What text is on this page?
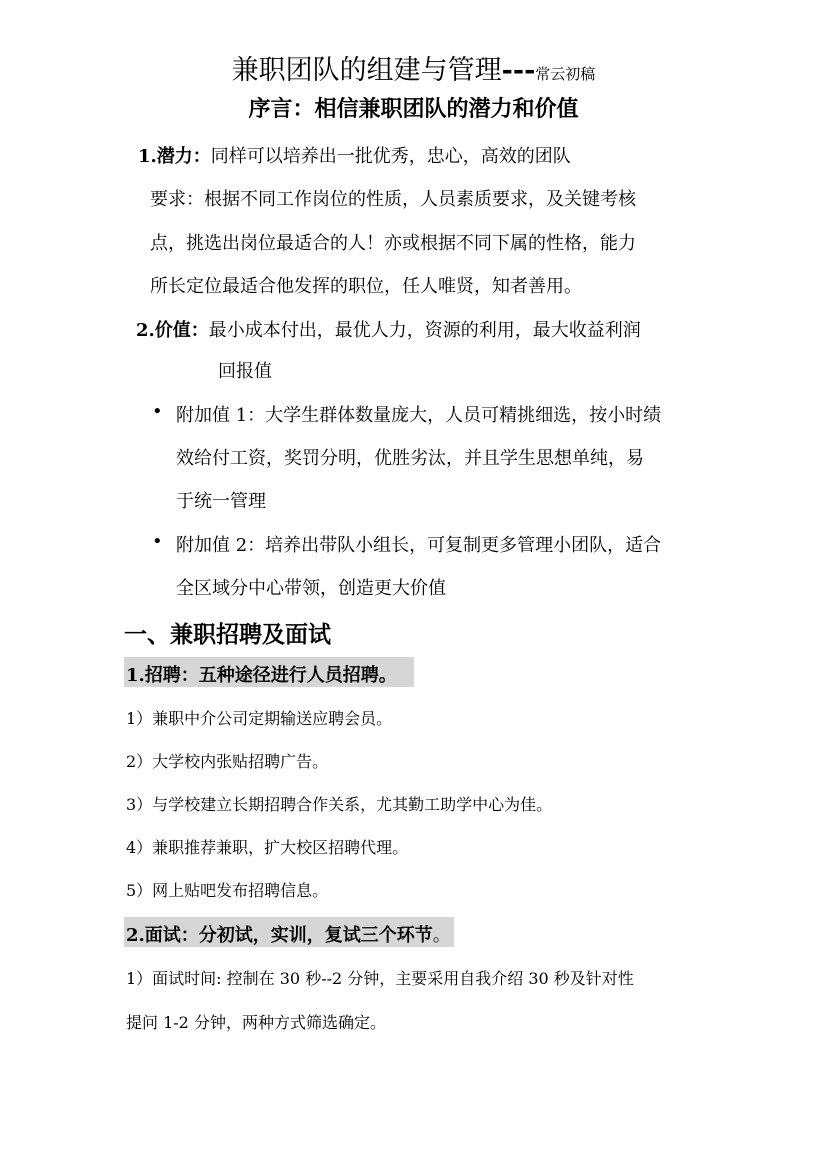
兼职团队的组建与管理---常云初稿
序言：相信兼职团队的潜力和价值
1.潜力：同样可以培养出一批优秀，忠心，高效的团队
要求：根据不同工作岗位的性质，人员素质要求，及关键考核
点，挑选出岗位最适合的人！亦或根据不同下属的性格，能力
所长定位最适合他发挥的职位，任人唯贤，知者善用。
2.价值：最小成本付出，最优人力，资源的利用，最大收益利润
回报值
• 附加值 1：大学生群体数量庞大，人员可精挑细选，按小时绩
效给付工资，奖罚分明，优胜劣汰，并且学生思想单纯，易
于统一管理
• 附加值 2：培养出带队小组长，可复制更多管理小团队，适合
全区域分中心带领，创造更大价值
一、兼职招聘及面试
1.招聘：五种途径进行人员招聘。
1）兼职中介公司定期输送应聘会员。
2）大学校内张贴招聘广告。
3）与学校建立长期招聘合作关系，尤其勤工助学中心为佳。
4）兼职推荐兼职，扩大校区招聘代理。
5）网上贴吧发布招聘信息。
2.面试：分初试，实训，复试三个环节。
1）面试时间: 控制在 30 秒--2 分钟，主要采用自我介绍 30 秒及针对性
提问 1-2 分钟，两种方式筛选确定。
